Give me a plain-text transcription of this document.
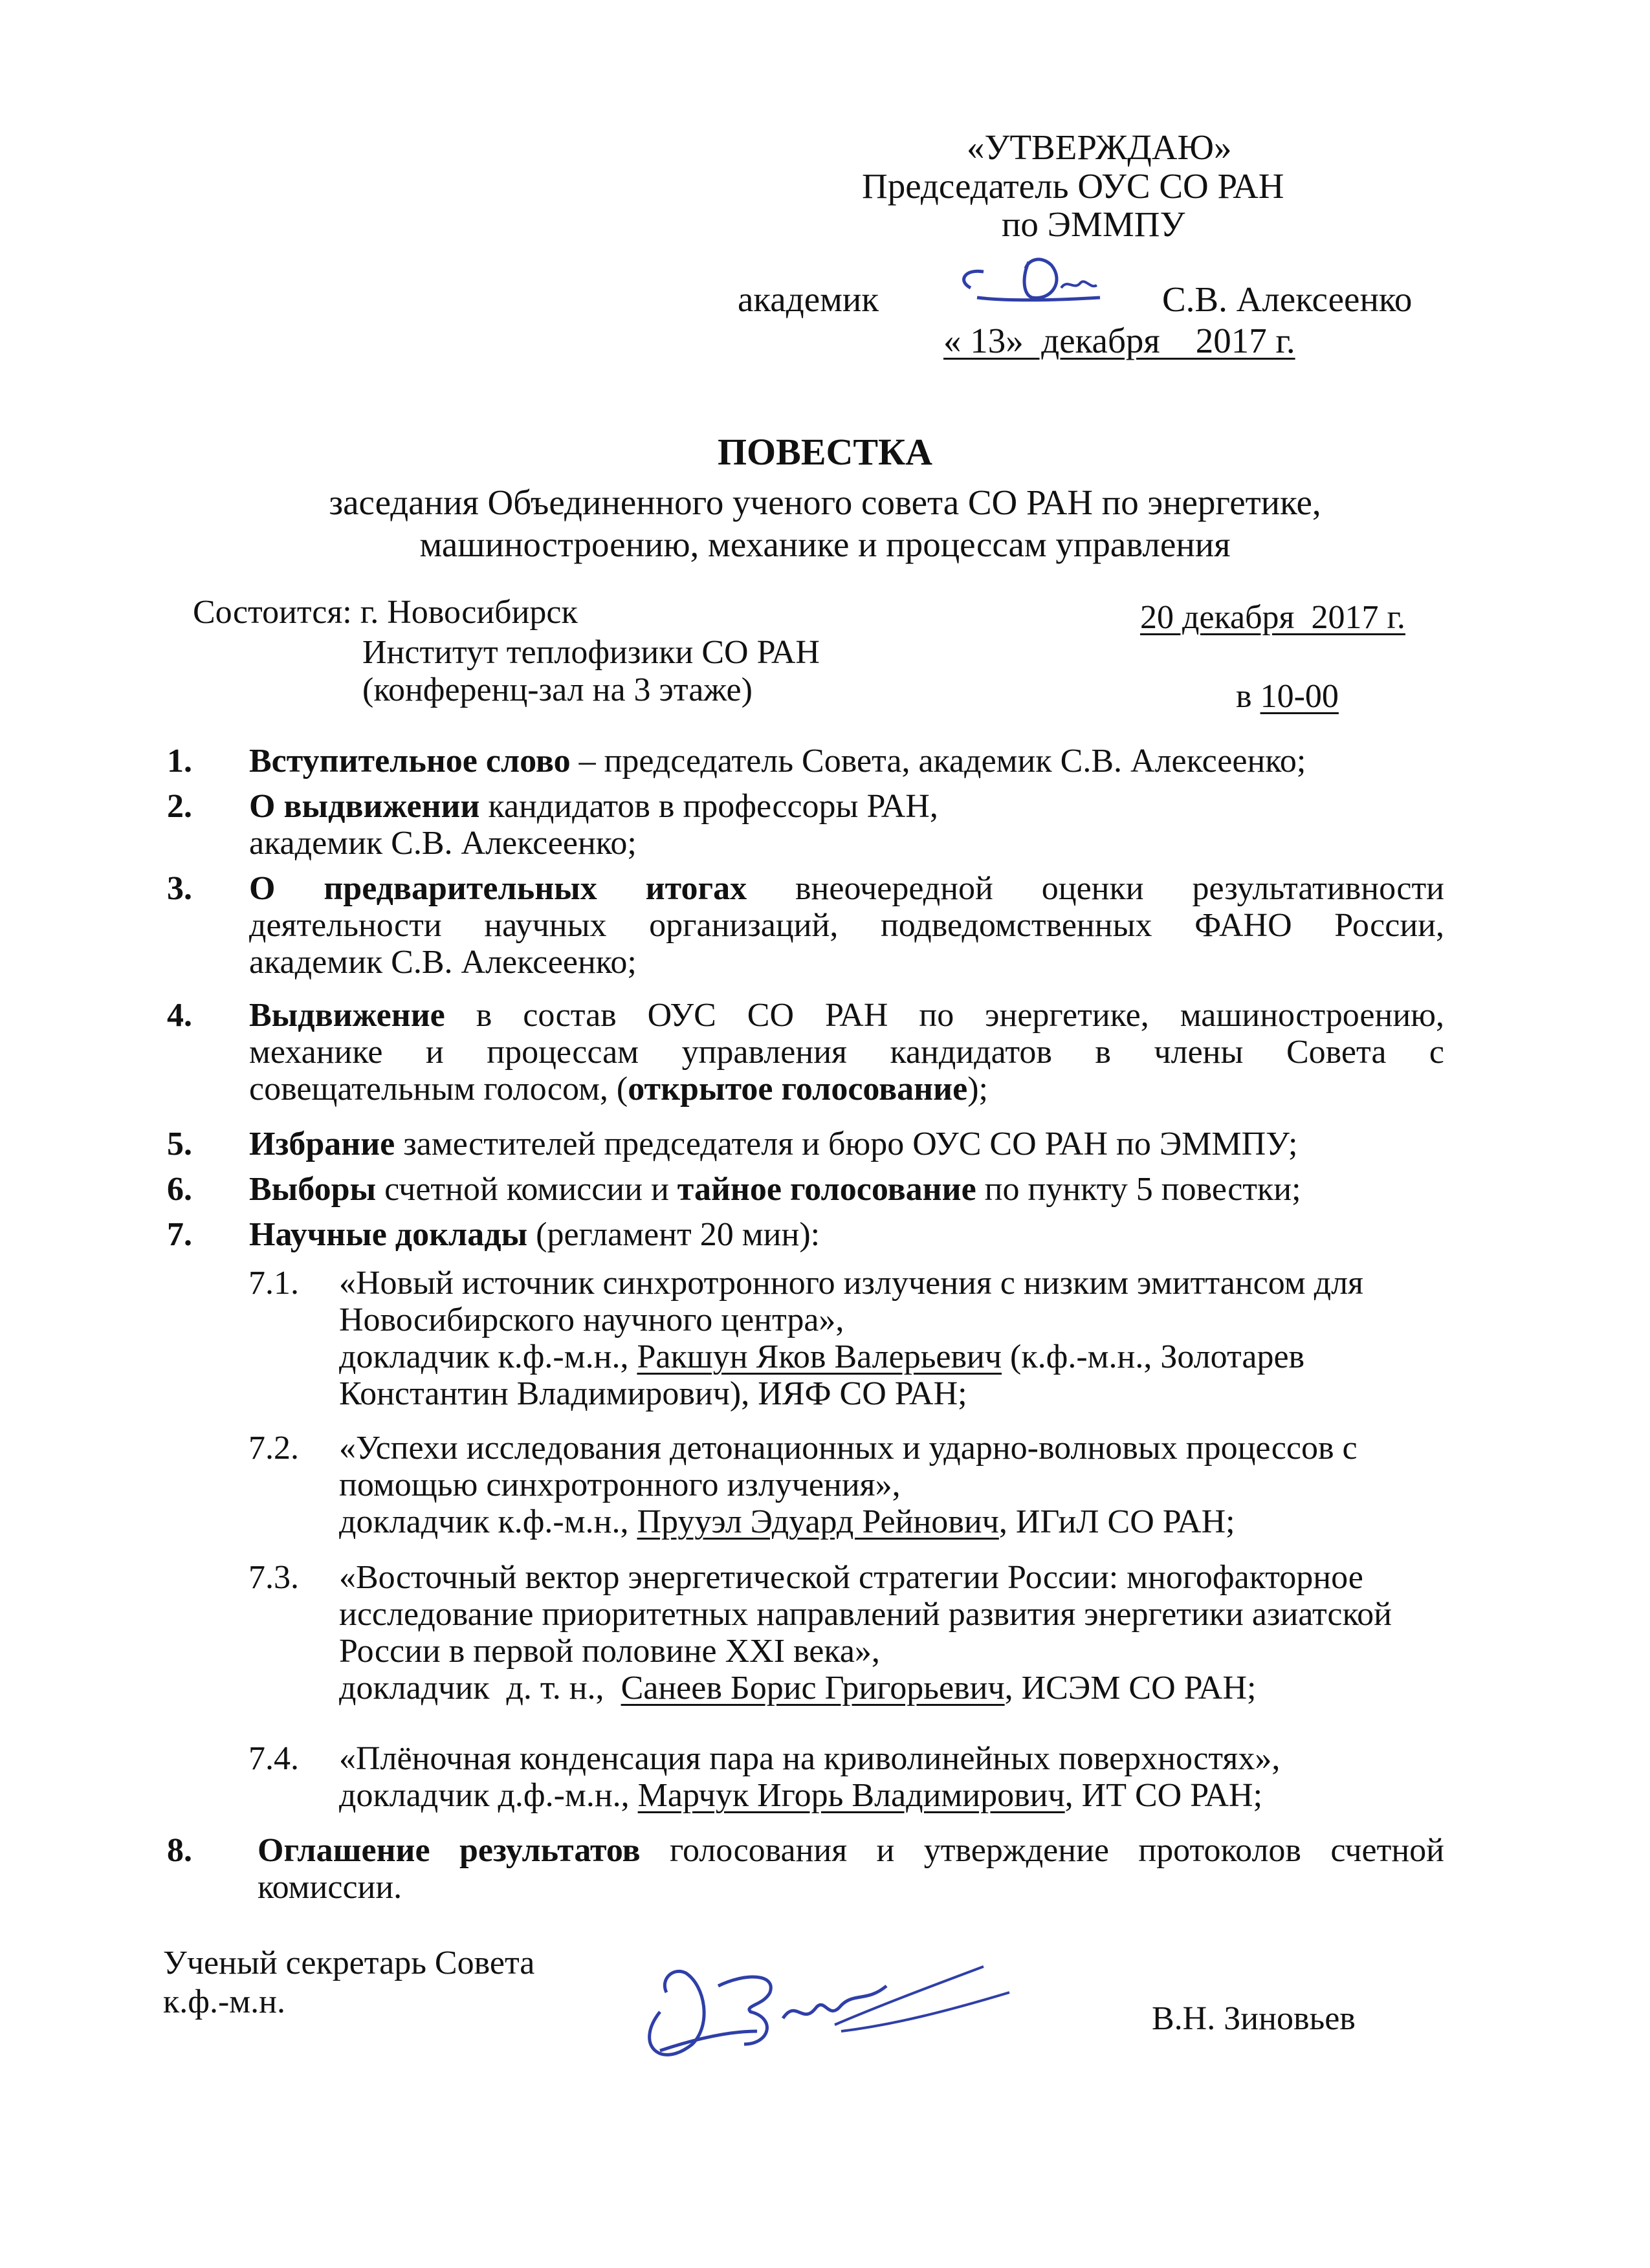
«УТВЕРЖДАЮ»
Председатель ОУС СО РАН
по ЭММПУ
академик	С.В. Алексеенко
« 13»  декабря    2017 г.
ПОВЕСТКА
заседания Объединенного ученого совета СО РАН по энергетике,
машиностроению, механике и процессам управления
Состоится: г. Новосибирск
Институт теплофизики СО РАН
(конференц-зал на 3 этаже)
20 декабря  2017 г.
в 10-00
1.	Вступительное слово – председатель Совета, академик С.В. Алексеенко;
2.	О выдвижении кандидатов в профессоры РАН,
академик С.В. Алексеенко;
3.	О предварительных итогах внеочередной оценки результативности
деятельности научных организаций, подведомственных ФАНО России,
академик С.В. Алексеенко;
4.	Выдвижение в состав ОУС СО РАН по энергетике, машиностроению,
механике и процессам управления кандидатов в члены Совета с
совещательным голосом, (открытое голосование);
5.	Избрание заместителей председателя и бюро ОУС СО РАН по ЭММПУ;
6.	Выборы счетной комиссии и тайное голосование по пункту 5 повестки;
7.	Научные доклады (регламент 20 мин):
7.1. «Новый источник синхротронного излучения с низким эмиттансом для
Новосибирского научного центра»,
докладчик к.ф.-м.н., Ракшун Яков Валерьевич (к.ф.-м.н., Золотарев
Константин Владимирович), ИЯФ СО РАН;
7.2. «Успехи исследования детонационных и ударно-волновых процессов с
помощью синхротронного излучения»,
докладчик к.ф.-м.н., Прууэл Эдуард Рейнович, ИГиЛ СО РАН;
7.3. «Восточный вектор энергетической стратегии России: многофакторное
исследование приоритетных направлений развития энергетики азиатской
России в первой половине XXI века»,
докладчик  д. т. н.,  Санеев Борис Григорьевич, ИСЭМ СО РАН;
7.4. «Плёночная конденсация пара на криволинейных поверхностях»,
докладчик д.ф.-м.н., Марчук Игорь Владимирович, ИТ СО РАН;
8.	Оглашение результатов голосования и утверждение протоколов счетной
комиссии.
Ученый секретарь Совета
к.ф.-м.н.	В.Н. Зиновьев
